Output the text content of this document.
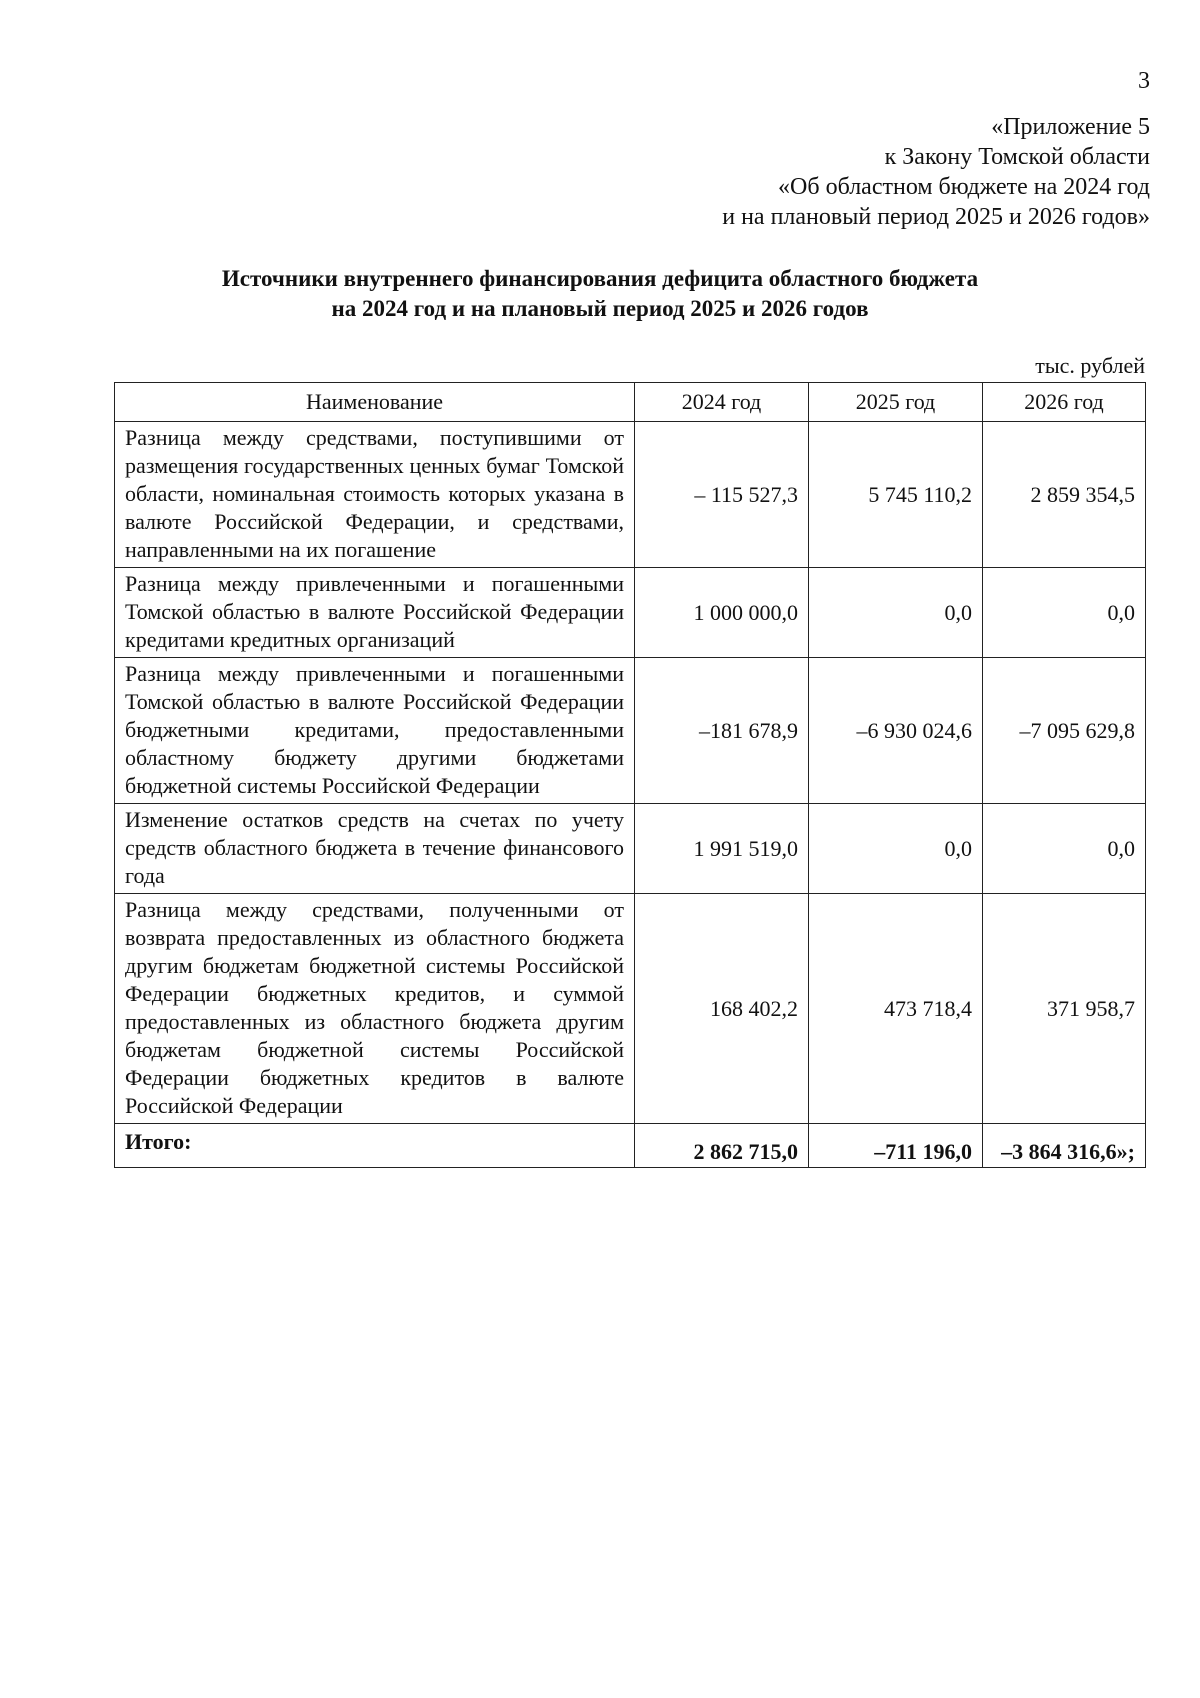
3
«Приложение 5
к Закону Томской области
«Об областном бюджете на 2024 год
и на плановый период 2025 и 2026 годов»
Источники внутреннего финансирования дефицита областного бюджета
на 2024 год и на плановый период 2025 и 2026 годов
тыс. рублей
Наименование	2024 год	2025 год	2026 год
Разница между средствами, поступившими от размещения государственных ценных бумаг Томской области, номинальная стоимость которых указана в валюте Российской Федерации, и средствами, направленными на их погашение	– 115 527,3	5 745 110,2	2 859 354,5
Разница между привлеченными и погашенными Томской областью в валюте Российской Федерации кредитами кредитных организаций	1 000 000,0	0,0	0,0
Разница между привлеченными и погашенными Томской областью в валюте Российской Федерации бюджетными кредитами, предоставленными областному бюджету другими бюджетами бюджетной системы Российской Федерации	–181 678,9	–6 930 024,6	–7 095 629,8
Изменение остатков средств на счетах по учету средств областного бюджета в течение финансового года	1 991 519,0	0,0	0,0
Разница между средствами, полученными от возврата предоставленных из областного бюджета другим бюджетам бюджетной системы Российской Федерации бюджетных кредитов, и суммой предоставленных из областного бюджета другим бюджетам бюджетной системы Российской Федерации бюджетных кредитов в валюте Российской Федерации	168 402,2	473 718,4	371 958,7
Итого:	2 862 715,0	–711 196,0	–3 864 316,6»;
